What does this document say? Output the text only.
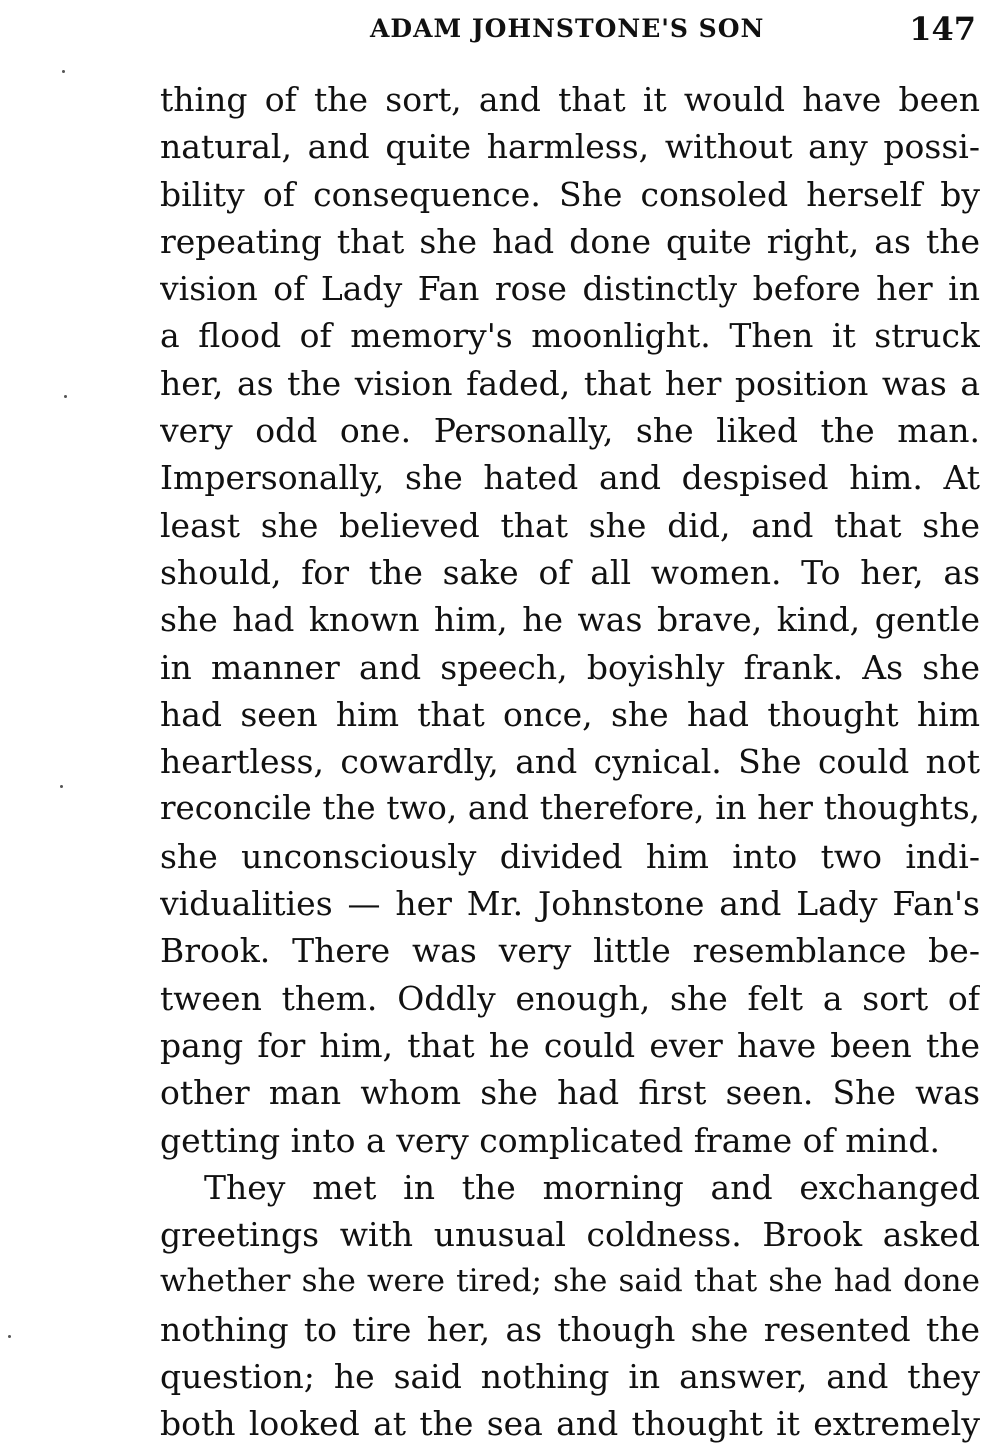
ADAM JOHNSTONE'S SON	147
thing of the sort, and that it would have been
natural, and quite harmless, without any possi-
bility of consequence. She consoled herself by
repeating that she had done quite right, as the
vision of Lady Fan rose distinctly before her in
a flood of memory's moonlight. Then it struck
her, as the vision faded, that her position was a
very odd one. Personally, she liked the man.
Impersonally, she hated and despised him. At
least she believed that she did, and that she
should, for the sake of all women. To her, as
she had known him, he was brave, kind, gentle
in manner and speech, boyishly frank. As she
had seen him that once, she had thought him
heartless, cowardly, and cynical. She could not
reconcile the two, and therefore, in her thoughts,
she unconsciously divided him into two indi-
vidualities — her Mr. Johnstone and Lady Fan's
Brook. There was very little resemblance be-
tween them. Oddly enough, she felt a sort of
pang for him, that he could ever have been the
other man whom she had first seen. She was
getting into a very complicated frame of mind.
They met in the morning and exchanged
greetings with unusual coldness. Brook asked
whether she were tired; she said that she had done
nothing to tire her, as though she resented the
question; he said nothing in answer, and they
both looked at the sea and thought it extremely
